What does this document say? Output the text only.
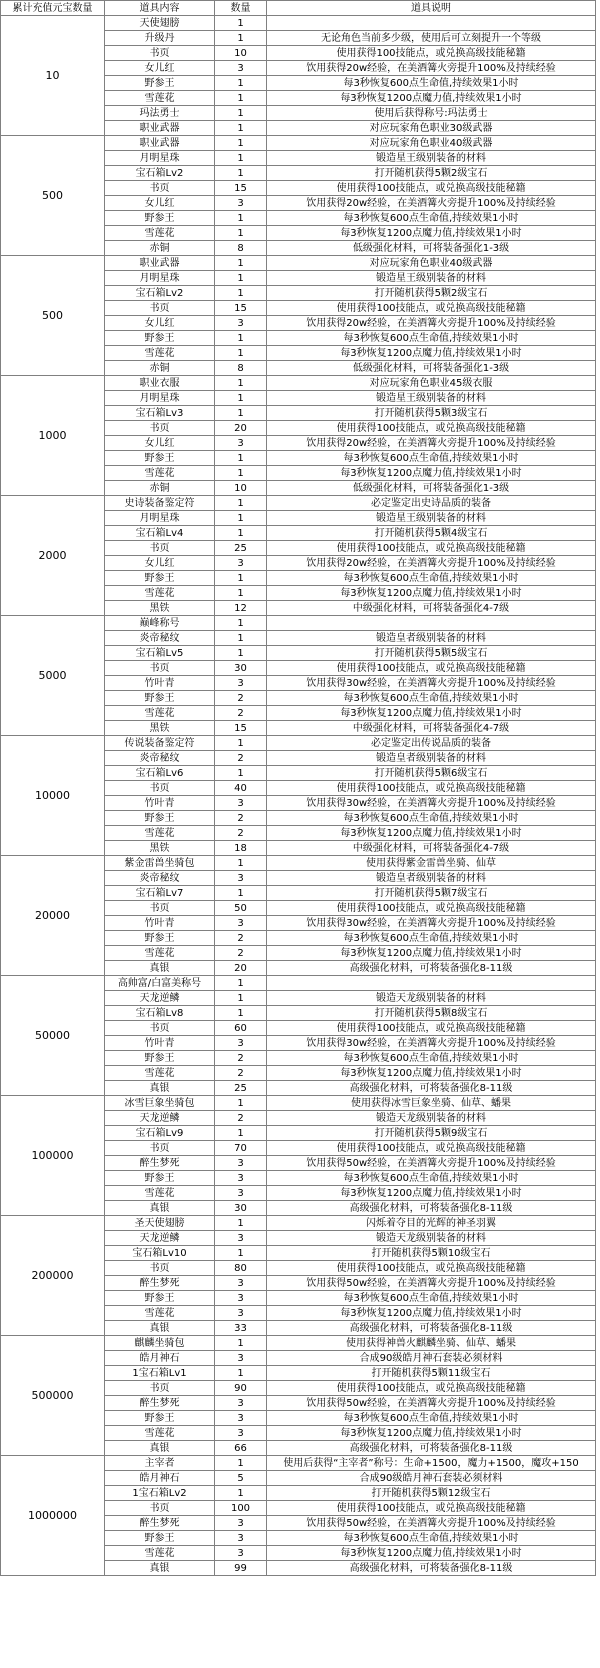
累计充值元宝数量	道具内容	数量	道具说明
10	天使翅膀	1	
	升级丹	1	无论角色当前多少级，使用后可立刻提升一个等级
	书页	10	使用获得100技能点，或兑换高级技能秘籍
	女儿红	3	饮用获得20w经验，在美酒篝火旁提升100%及持续经验
	野参王	1	每3秒恢复600点生命值,持续效果1小时
	雪莲花	1	每3秒恢复1200点魔力值,持续效果1小时
	玛法勇士	1	使用后获得称号:玛法勇士
	职业武器	1	对应玩家角色职业30级武器
500	职业武器	1	对应玩家角色职业40级武器
	月明星珠	1	锻造星王级别装备的材料
	宝石箱Lv2	1	打开随机获得5颗2级宝石
	书页	15	使用获得100技能点，或兑换高级技能秘籍
	女儿红	3	饮用获得20w经验，在美酒篝火旁提升100%及持续经验
	野参王	1	每3秒恢复600点生命值,持续效果1小时
	雪莲花	1	每3秒恢复1200点魔力值,持续效果1小时
	赤铜	8	低级强化材料，可将装备强化1-3级
500	职业武器	1	对应玩家角色职业40级武器
	月明星珠	1	锻造星王级别装备的材料
	宝石箱Lv2	1	打开随机获得5颗2级宝石
	书页	15	使用获得100技能点，或兑换高级技能秘籍
	女儿红	3	饮用获得20w经验，在美酒篝火旁提升100%及持续经验
	野参王	1	每3秒恢复600点生命值,持续效果1小时
	雪莲花	1	每3秒恢复1200点魔力值,持续效果1小时
	赤铜	8	低级强化材料，可将装备强化1-3级
1000	职业衣服	1	对应玩家角色职业45级衣服
	月明星珠	1	锻造星王级别装备的材料
	宝石箱Lv3	1	打开随机获得5颗3级宝石
	书页	20	使用获得100技能点，或兑换高级技能秘籍
	女儿红	3	饮用获得20w经验，在美酒篝火旁提升100%及持续经验
	野参王	1	每3秒恢复600点生命值,持续效果1小时
	雪莲花	1	每3秒恢复1200点魔力值,持续效果1小时
	赤铜	10	低级强化材料，可将装备强化1-3级
2000	史诗装备鉴定符	1	必定鉴定出史诗品质的装备
	月明星珠	1	锻造星王级别装备的材料
	宝石箱Lv4	1	打开随机获得5颗4级宝石
	书页	25	使用获得100技能点，或兑换高级技能秘籍
	女儿红	3	饮用获得20w经验，在美酒篝火旁提升100%及持续经验
	野参王	1	每3秒恢复600点生命值,持续效果1小时
	雪莲花	1	每3秒恢复1200点魔力值,持续效果1小时
	黑铁	12	中级强化材料，可将装备强化4-7级
5000	巅峰称号	1	
	炎帝秘纹	1	锻造皇者级别装备的材料
	宝石箱Lv5	1	打开随机获得5颗5级宝石
	书页	30	使用获得100技能点，或兑换高级技能秘籍
	竹叶青	3	饮用获得30w经验，在美酒篝火旁提升100%及持续经验
	野参王	2	每3秒恢复600点生命值,持续效果1小时
	雪莲花	2	每3秒恢复1200点魔力值,持续效果1小时
	黑铁	15	中级强化材料，可将装备强化4-7级
10000	传说装备鉴定符	1	必定鉴定出传说品质的装备
	炎帝秘纹	2	锻造皇者级别装备的材料
	宝石箱Lv6	1	打开随机获得5颗6级宝石
	书页	40	使用获得100技能点，或兑换高级技能秘籍
	竹叶青	3	饮用获得30w经验，在美酒篝火旁提升100%及持续经验
	野参王	2	每3秒恢复600点生命值,持续效果1小时
	雪莲花	2	每3秒恢复1200点魔力值,持续效果1小时
	黑铁	18	中级强化材料，可将装备强化4-7级
20000	紫金雷兽坐骑包	1	使用获得紫金雷兽坐骑、仙草
	炎帝秘纹	3	锻造皇者级别装备的材料
	宝石箱Lv7	1	打开随机获得5颗7级宝石
	书页	50	使用获得100技能点，或兑换高级技能秘籍
	竹叶青	3	饮用获得30w经验，在美酒篝火旁提升100%及持续经验
	野参王	2	每3秒恢复600点生命值,持续效果1小时
	雪莲花	2	每3秒恢复1200点魔力值,持续效果1小时
	真银	20	高级强化材料，可将装备强化8-11级
50000	高帅富/白富美称号	1	
	天龙逆鳞	1	锻造天龙级别装备的材料
	宝石箱Lv8	1	打开随机获得5颗8级宝石
	书页	60	使用获得100技能点，或兑换高级技能秘籍
	竹叶青	3	饮用获得30w经验，在美酒篝火旁提升100%及持续经验
	野参王	2	每3秒恢复600点生命值,持续效果1小时
	雪莲花	2	每3秒恢复1200点魔力值,持续效果1小时
	真银	25	高级强化材料，可将装备强化8-11级
100000	冰雪巨象坐骑包	1	使用获得冰雪巨象坐骑、仙草、蟠果
	天龙逆鳞	2	锻造天龙级别装备的材料
	宝石箱Lv9	1	打开随机获得5颗9级宝石
	书页	70	使用获得100技能点，或兑换高级技能秘籍
	醉生梦死	3	饮用获得50w经验，在美酒篝火旁提升100%及持续经验
	野参王	3	每3秒恢复600点生命值,持续效果1小时
	雪莲花	3	每3秒恢复1200点魔力值,持续效果1小时
	真银	30	高级强化材料，可将装备强化8-11级
200000	圣天使翅膀	1	闪烁着夺目的光辉的神圣羽翼
	天龙逆鳞	3	锻造天龙级别装备的材料
	宝石箱Lv10	1	打开随机获得5颗10级宝石
	书页	80	使用获得100技能点，或兑换高级技能秘籍
	醉生梦死	3	饮用获得50w经验，在美酒篝火旁提升100%及持续经验
	野参王	3	每3秒恢复600点生命值,持续效果1小时
	雪莲花	3	每3秒恢复1200点魔力值,持续效果1小时
	真银	33	高级强化材料，可将装备强化8-11级
500000	麒麟坐骑包	1	使用获得神兽火麒麟坐骑、仙草、蟠果
	皓月神石	3	合成90级皓月神石套装必须材料
	1宝石箱Lv1	1	打开随机获得5颗11级宝石
	书页	90	使用获得100技能点，或兑换高级技能秘籍
	醉生梦死	3	饮用获得50w经验，在美酒篝火旁提升100%及持续经验
	野参王	3	每3秒恢复600点生命值,持续效果1小时
	雪莲花	3	每3秒恢复1200点魔力值,持续效果1小时
	真银	66	高级强化材料，可将装备强化8-11级
1000000	主宰者	1	使用后获得“主宰者”称号：生命+1500，魔力+1500，魔攻+150
	皓月神石	5	合成90级皓月神石套装必须材料
	1宝石箱Lv2	1	打开随机获得5颗12级宝石
	书页	100	使用获得100技能点，或兑换高级技能秘籍
	醉生梦死	3	饮用获得50w经验，在美酒篝火旁提升100%及持续经验
	野参王	3	每3秒恢复600点生命值,持续效果1小时
	雪莲花	3	每3秒恢复1200点魔力值,持续效果1小时
	真银	99	高级强化材料，可将装备强化8-11级
